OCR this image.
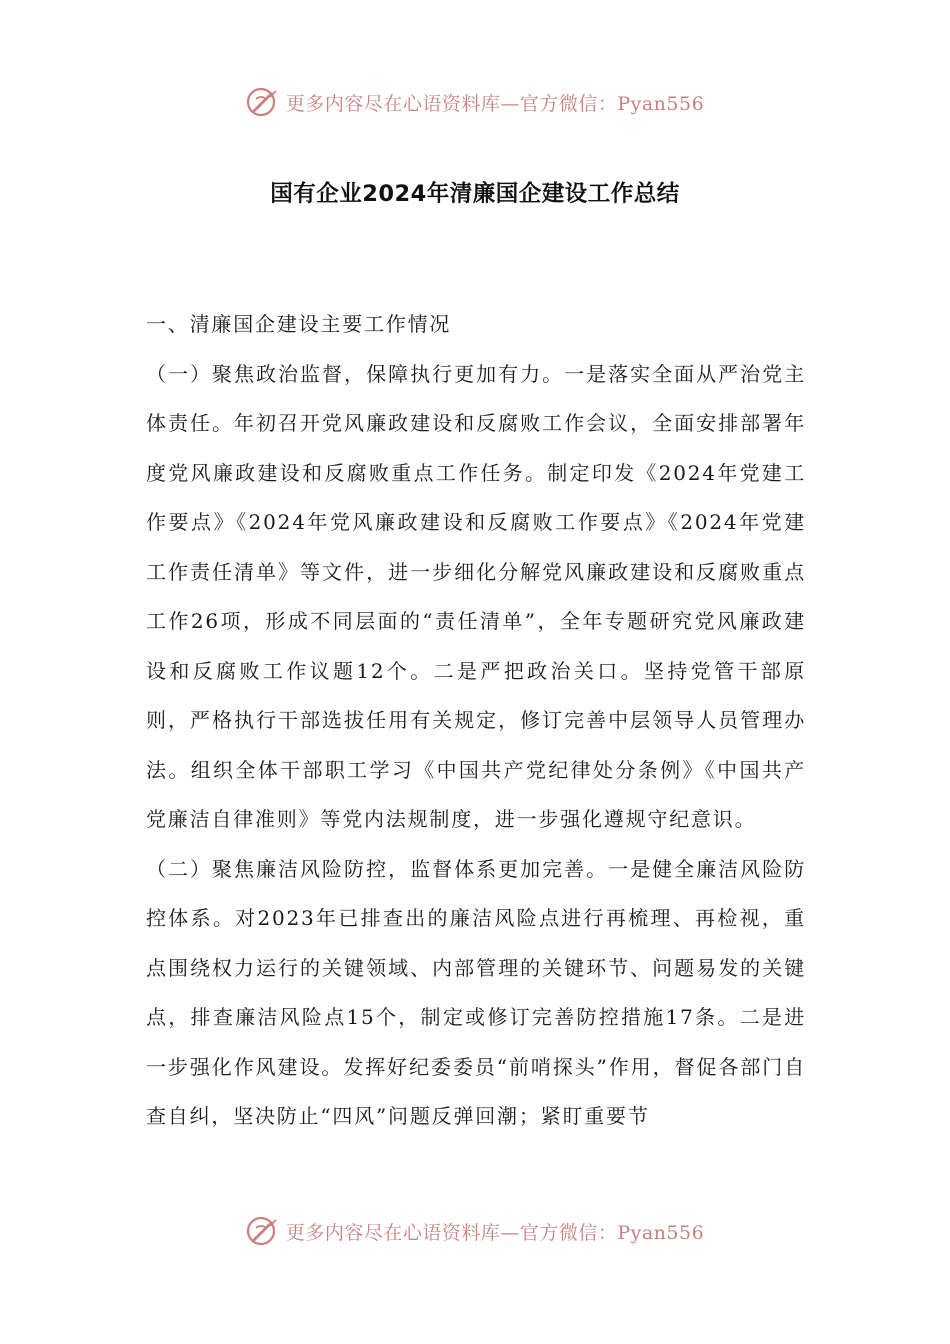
更多内容尽在心语资料库—官方微信：Pyan556
国有企业2024年清廉国企建设工作总结

一、清廉国企建设主要工作情况

（一）聚焦政治监督，保障执行更加有力。一是落实全面从严治党主体责任。年初召开党风廉政建设和反腐败工作会议，全面安排部署年度党风廉政建设和反腐败重点工作任务。制定印发《2024年党建工作要点》《2024年党风廉政建设和反腐败工作要点》《2024年党建工作责任清单》等文件，进一步细化分解党风廉政建设和反腐败重点工作26项，形成不同层面的“责任清单”，全年专题研究党风廉政建设和反腐败工作议题12个。二是严把政治关口。坚持党管干部原则，严格执行干部选拔任用有关规定，修订完善中层领导人员管理办法。组织全体干部职工学习《中国共产党纪律处分条例》《中国共产党廉洁自律准则》等党内法规制度，进一步强化遵规守纪意识。

（二）聚焦廉洁风险防控，监督体系更加完善。一是健全廉洁风险防控体系。对2023年已排查出的廉洁风险点进行再梳理、再检视，重点围绕权力运行的关键领域、内部管理的关键环节、问题易发的关键点，排查廉洁风险点15个，制定或修订完善防控措施17条。二是进一步强化作风建设。发挥好纪委委员“前哨探头”作用，督促各部门自查自纠，坚决防止“四风”问题反弹回潮；紧盯重要节

更多内容尽在心语资料库—官方微信：Pyan556
